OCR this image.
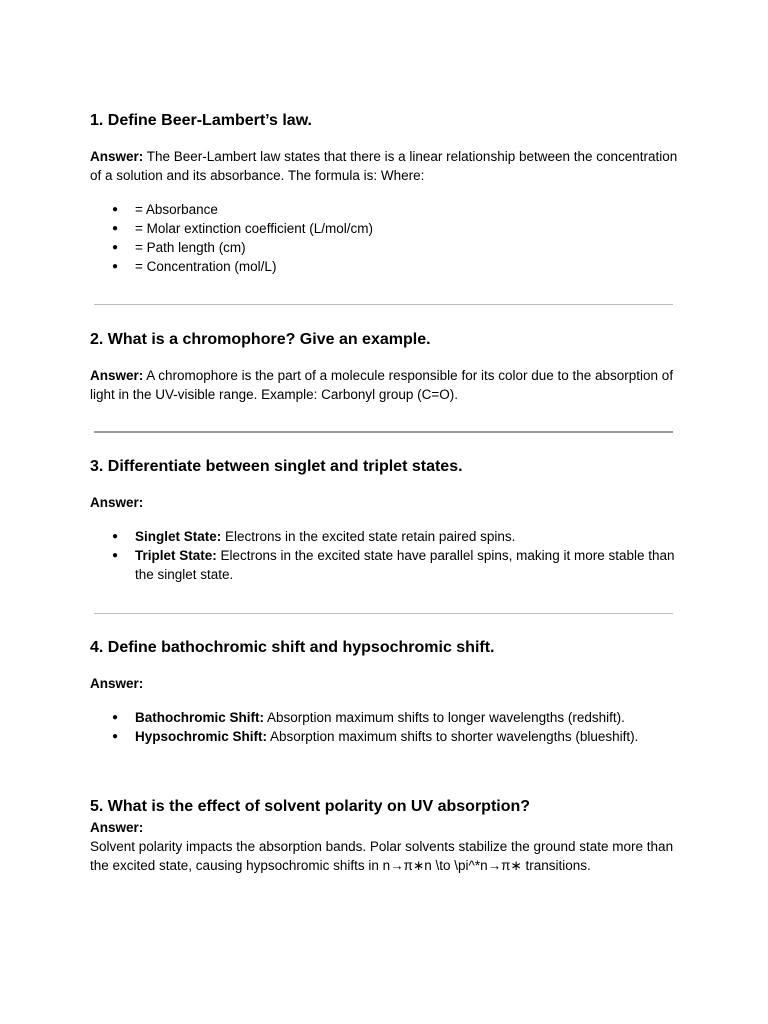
1. Define Beer-Lambert’s law.

Answer: The Beer-Lambert law states that there is a linear relationship between the concentration of a solution and its absorbance. The formula is: Where:

● = Absorbance
● = Molar extinction coefficient (L/mol/cm)
● = Path length (cm)
● = Concentration (mol/L)
2. What is a chromophore? Give an example.

Answer: A chromophore is the part of a molecule responsible for its color due to the absorption of light in the UV-visible range. Example: Carbonyl group (C=O).

3. Differentiate between singlet and triplet states.

Answer:

● Singlet State: Electrons in the excited state retain paired spins.
● Triplet State: Electrons in the excited state have parallel spins, making it more stable than the singlet state.
4. Define bathochromic shift and hypsochromic shift.

Answer:

● Bathochromic Shift: Absorption maximum shifts to longer wavelengths (redshift).
● Hypsochromic Shift: Absorption maximum shifts to shorter wavelengths (blueshift).
5. What is the effect of solvent polarity on UV absorption?

Answer:

Solvent polarity impacts the absorption bands. Polar solvents stabilize the ground state more than the excited state, causing hypsochromic shifts in n→π∗n \to \pi^*n→π∗ transitions.
